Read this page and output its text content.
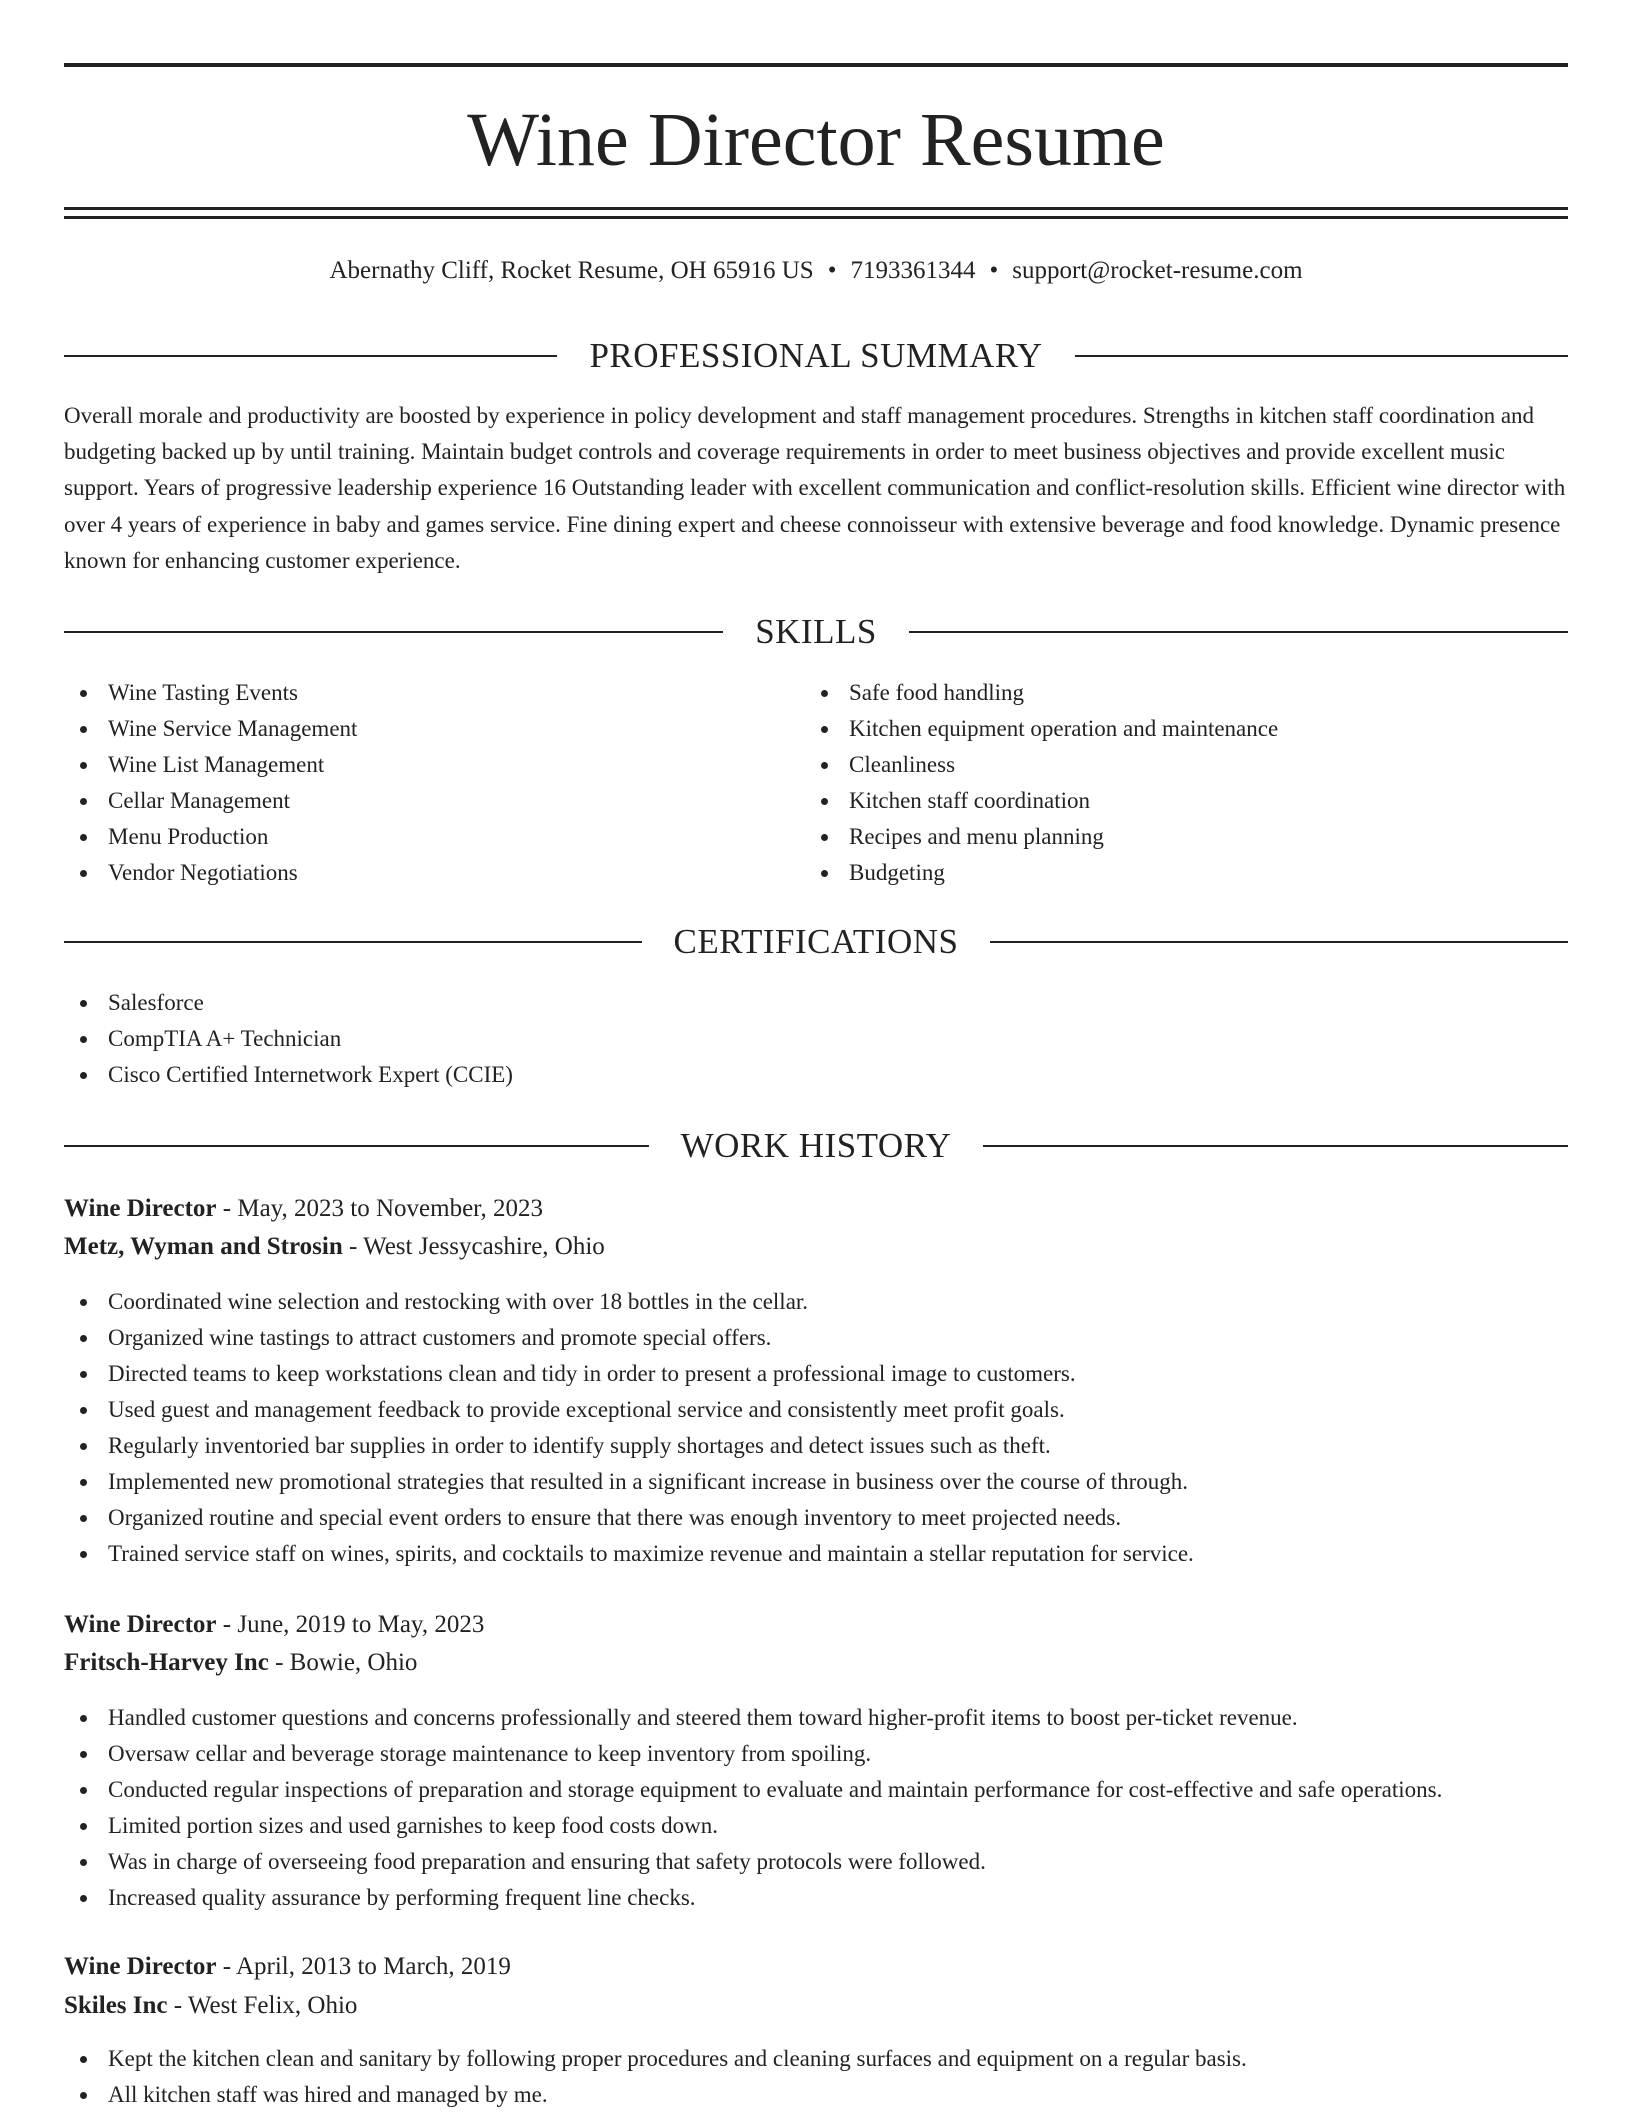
Wine Director Resume
Abernathy Cliff, Rocket Resume, OH 65916 US • 7193361344 • support@rocket-resume.com
PROFESSIONAL SUMMARY

Overall morale and productivity are boosted by experience in policy development and staff management procedures. Strengths in kitchen staff coordination and budgeting backed up by until training. Maintain budget controls and coverage requirements in order to meet business objectives and provide excellent music support. Years of progressive leadership experience 16 Outstanding leader with excellent communication and conflict-resolution skills. Efficient wine director with over 4 years of experience in baby and games service. Fine dining expert and cheese connoisseur with extensive beverage and food knowledge. Dynamic presence known for enhancing customer experience.

SKILLS
Wine Tasting Events
Wine Service Management
Wine List Management
Cellar Management
Menu Production
Vendor Negotiations
Safe food handling
Kitchen equipment operation and maintenance
Cleanliness
Kitchen staff coordination
Recipes and menu planning
Budgeting
CERTIFICATIONS
Salesforce
CompTIA A+ Technician
Cisco Certified Internetwork Expert (CCIE)
WORK HISTORY
Wine Director - May, 2023 to November, 2023
Metz, Wyman and Strosin - West Jessycashire, Ohio
Coordinated wine selection and restocking with over 18 bottles in the cellar.
Organized wine tastings to attract customers and promote special offers.
Directed teams to keep workstations clean and tidy in order to present a professional image to customers.
Used guest and management feedback to provide exceptional service and consistently meet profit goals.
Regularly inventoried bar supplies in order to identify supply shortages and detect issues such as theft.
Implemented new promotional strategies that resulted in a significant increase in business over the course of through.
Organized routine and special event orders to ensure that there was enough inventory to meet projected needs.
Trained service staff on wines, spirits, and cocktails to maximize revenue and maintain a stellar reputation for service.
Wine Director - June, 2019 to May, 2023
Fritsch-Harvey Inc - Bowie, Ohio
Handled customer questions and concerns professionally and steered them toward higher-profit items to boost per-ticket revenue.
Oversaw cellar and beverage storage maintenance to keep inventory from spoiling.
Conducted regular inspections of preparation and storage equipment to evaluate and maintain performance for cost-effective and safe operations.
Limited portion sizes and used garnishes to keep food costs down.
Was in charge of overseeing food preparation and ensuring that safety protocols were followed.
Increased quality assurance by performing frequent line checks.
Wine Director - April, 2013 to March, 2019
Skiles Inc - West Felix, Ohio
Kept the kitchen clean and sanitary by following proper procedures and cleaning surfaces and equipment on a regular basis.
All kitchen staff was hired and managed by me.
